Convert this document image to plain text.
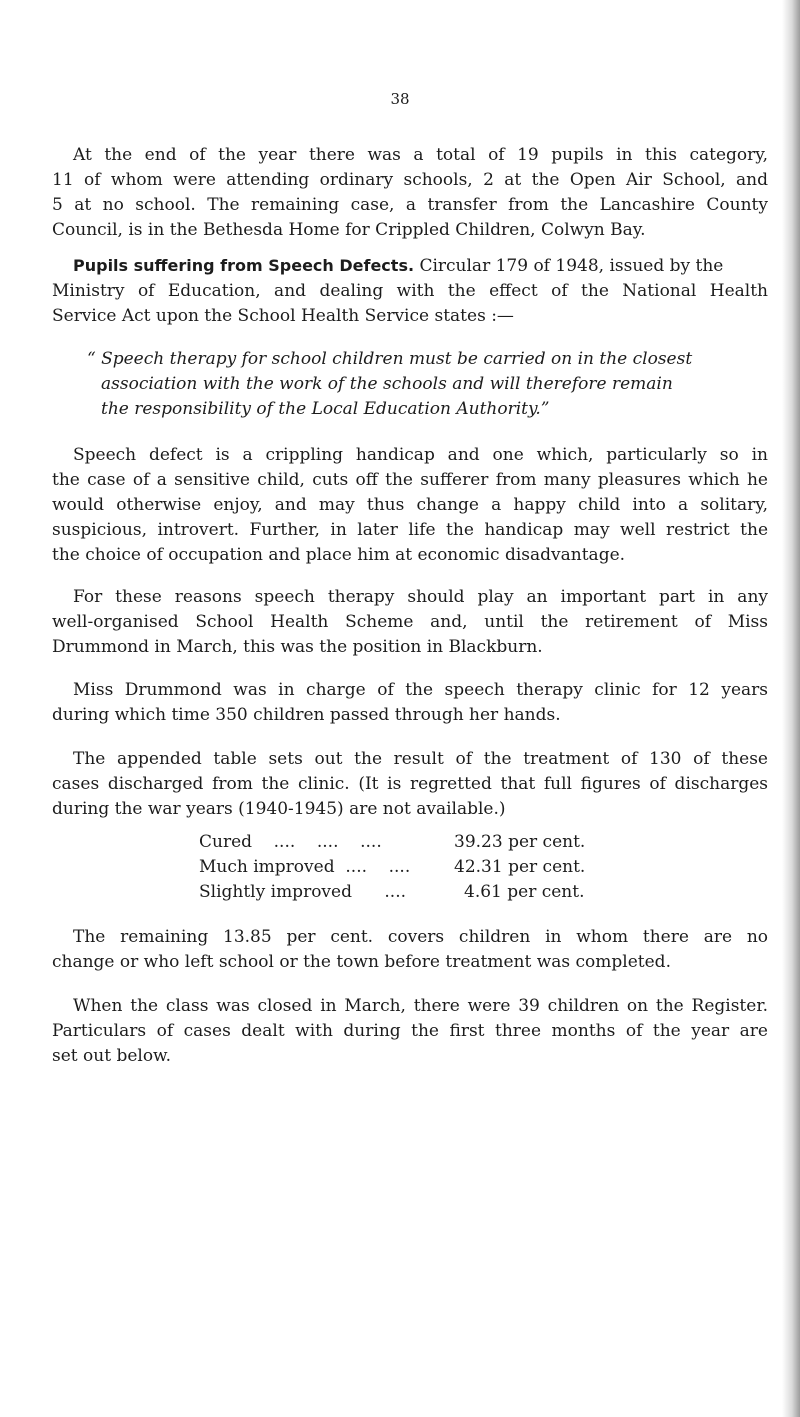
38
At the end of the year there was a total of 19 pupils in this category,
11 of whom were attending ordinary schools, 2 at the Open Air School, and
5 at no school. The remaining case, a transfer from the Lancashire County
Council, is in the Bethesda Home for Crippled Children, Colwyn Bay.
Pupils suffering from Speech Defects. Circular 179 of 1948, issued by the
Ministry of Education, and dealing with the effect of the National Health
Service Act upon the School Health Service states :—
“ Speech therapy for school children must be carried on in the closest
association with the work of the schools and will therefore remain
the responsibility of the Local Education Authority.”
Speech defect is a crippling handicap and one which, particularly so in
the case of a sensitive child, cuts off the sufferer from many pleasures which he
would otherwise enjoy, and may thus change a happy child into a solitary,
suspicious, introvert. Further, in later life the handicap may well restrict the
the choice of occupation and place him at economic disadvantage.
For these reasons speech therapy should play an important part in any
well-organised School Health Scheme and, until the retirement of Miss
Drummond in March, this was the position in Blackburn.
Miss Drummond was in charge of the speech therapy clinic for 12 years
during which time 350 children passed through her hands.
The appended table sets out the result of the treatment of 130 of these
cases discharged from the clinic. (It is regretted that full figures of discharges
during the war years (1940-1945) are not available.)
Cured    ....    ....    ....	39.23 per cent.
Much improved  ....    ....	42.31 per cent.
Slightly improved      ....	4.61 per cent.
The remaining 13.85 per cent. covers children in whom there are no
change or who left school or the town before treatment was completed.
When the class was closed in March, there were 39 children on the Register.
Particulars of cases dealt with during the first three months of the year are
set out below.
